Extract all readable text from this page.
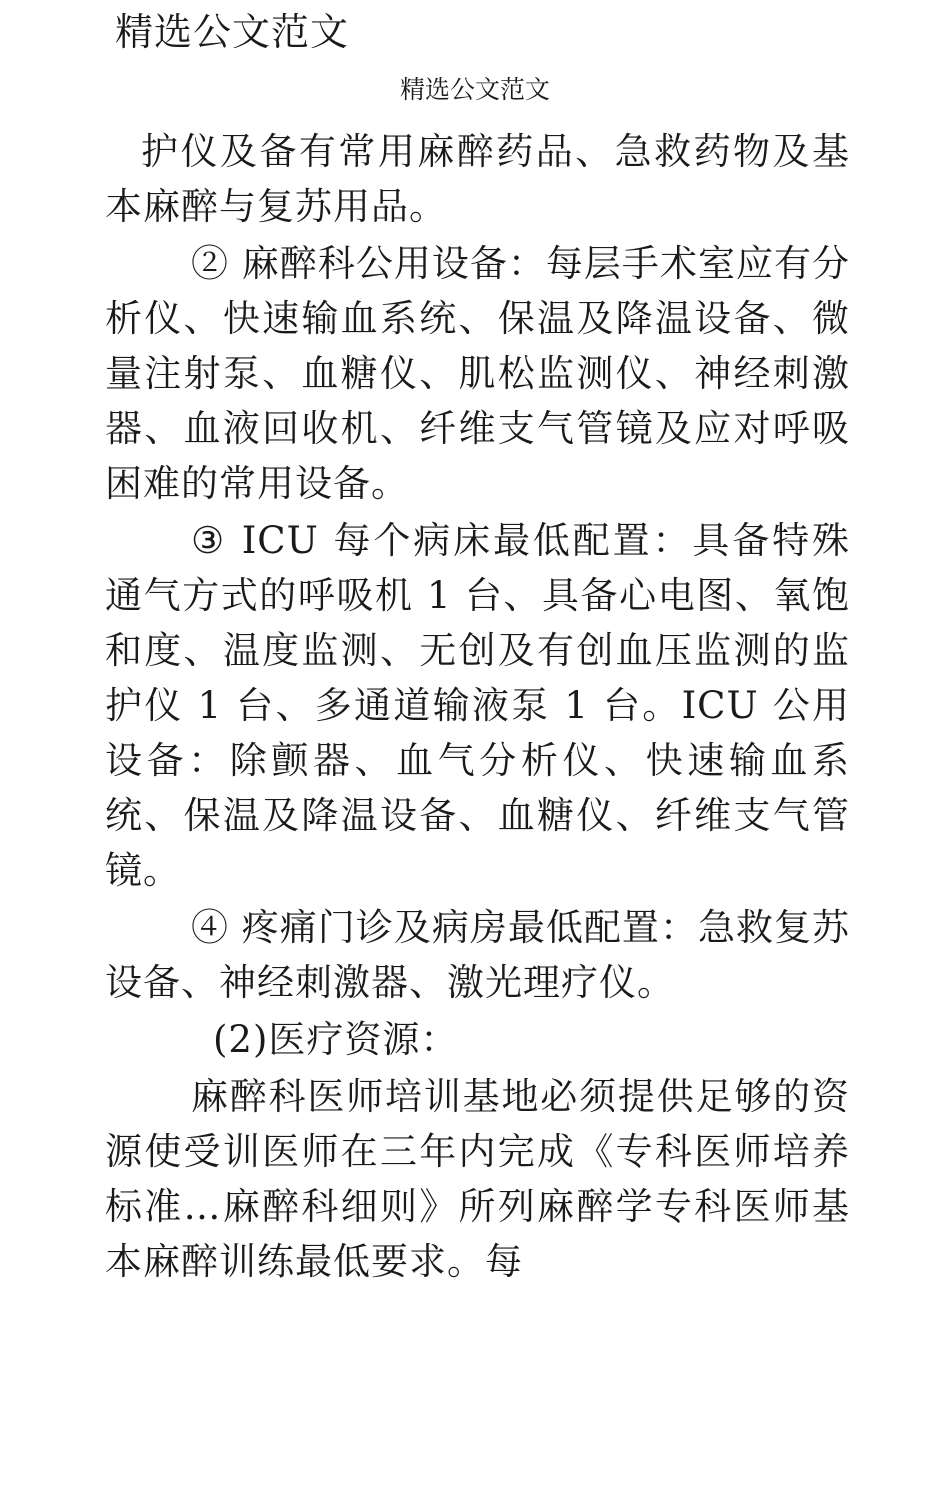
精选公文范文
精选公文范文

护仪及备有常用麻醉药品、急救药物及基本麻醉与复苏用品。

② 麻醉科公用设备：每层手术室应有分析仪、快速输血系统、保温及降温设备、微量注射泵、血糖仪、肌松监测仪、神经刺激器、血液回收机、纤维支气管镜及应对呼吸困难的常用设备。

③ ICU 每个病床最低配置：具备特殊通气方式的呼吸机 1 台、具备心电图、氧饱和度、温度监测、无创及有创血压监测的监护仪 1 台、多通道输液泵 1 台。ICU 公用设备：除颤器、血气分析仪、快速输血系统、保温及降温设备、血糖仪、纤维支气管镜。

④ 疼痛门诊及病房最低配置：急救复苏设备、神经刺激器、激光理疗仪。

(2)医疗资源：

麻醉科医师培训基地必须提供足够的资源使受训医师在三年内完成《专科医师培养标准…麻醉科细则》所列麻醉学专科医师基本麻醉训练最低要求。每
